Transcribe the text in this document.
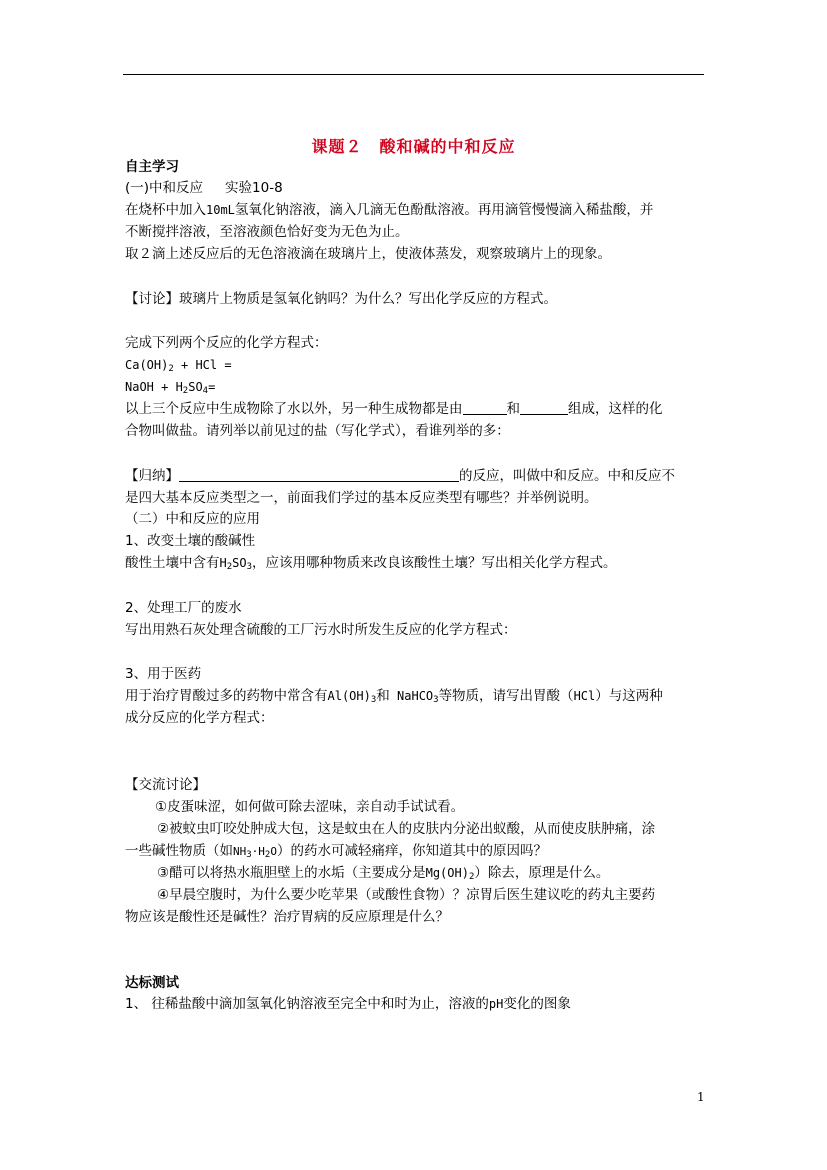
课题２　酸和碱的中和反应
自主学习
(一)中和反应 实验10-8
在烧杯中加入10mL氢氧化钠溶液，滴入几滴无色酚酞溶液。再用滴管慢慢滴入稀盐酸，并
不断搅拌溶液，至溶液颜色恰好变为无色为止。
取２滴上述反应后的无色溶液滴在玻璃片上，使液体蒸发，观察玻璃片上的现象。
【讨论】玻璃片上物质是氢氧化钠吗？为什么？写出化学反应的方程式。
完成下列两个反应的化学方程式：
$Ca(OH)_2$ + HCl =
NaOH + $H_2SO_4=$
以上三个反应中生成物除了水以外，另一种生成物都是由	和	组成，这样的化
合物叫做盐。请列举以前见过的盐（写化学式），看谁列举的多：
【归纳】	的反应，叫做中和反应。中和反应不
是四大基本反应类型之一，前面我们学过的基本反应类型有哪些？并举例说明。
（二）中和反应的应用
1、改变土壤的酸碱性
酸性土壤中含有$H_2SO_3$，应该用哪种物质来改良该酸性土壤？写出相关化学方程式。
2、处理工厂的废水
写出用熟石灰处理含硫酸的工厂污水时所发生反应的化学方程式：
3、用于医药
用于治疗胃酸过多的药物中常含有$Al(OH)_3$和 NaHCO$_3$等物质，请写出胃酸（HCl）与这两种
成分反应的化学方程式：
【交流讨论】
①皮蛋味涩，如何做可除去涩味，亲自动手试试看。
②被蚊虫叮咬处肿成大包，这是蚊虫在人的皮肤内分泌出蚁酸，从而使皮肤肿痛，涂
一些碱性物质（如$NH_3\cdot H_2O$）的药水可减轻痛痒，你知道其中的原因吗？
③醋可以将热水瓶胆壁上的水垢（主要成分是$Mg(OH)_2$）除去，原理是什么。
④早晨空腹时，为什么要少吃苹果（或酸性食物）？凉胃后医生建议吃的药丸主要药
物应该是酸性还是碱性？治疗胃病的反应原理是什么？
达标测试
1、 往稀盐酸中滴加氢氧化钠溶液至完全中和时为止，溶液的pH变化的图象
1
